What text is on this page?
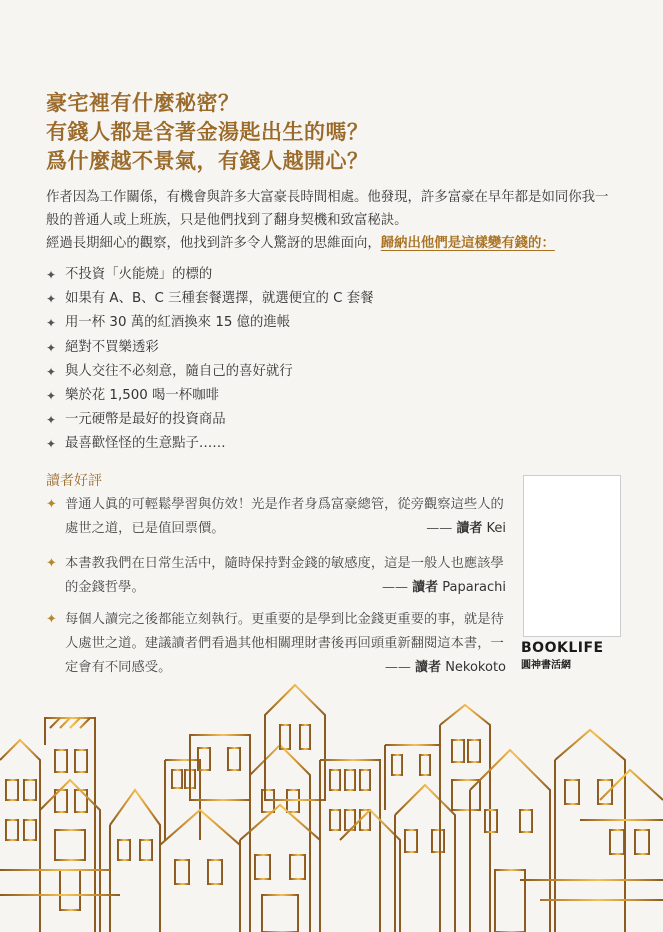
豪宅裡有什麼秘密？
有錢人都是含著金湯匙出生的嗎？
爲什麼越不景氣，有錢人越開心？

作者因為工作關係，有機會與許多大富豪長時間相處。他發現，許多富豪在早年都是如同你我一般的普通人或上班族，只是他們找到了翻身契機和致富秘訣。

經過長期細心的觀察，他找到許多令人驚訝的思維面向，歸納出他們是這樣變有錢的：

✦ 不投資「火能燒」的標的
✦ 如果有 A、B、C 三種套餐選擇，就選便宜的 C 套餐
✦ 用一杯 30 萬的紅酒換來 15 億的進帳
✦ 絕對不買樂透彩
✦ 與人交往不必刻意，隨自己的喜好就行
✦ 樂於花 1,500 喝一杯咖啡
✦ 一元硬幣是最好的投資商品
✦ 最喜歡怪怪的生意點子……
讀者好評
✦ 普通人眞的可輕鬆學習與仿效！光是作者身爲富豪總管，從旁觀察這些人的處世之道，已是值回票價。	—— 讀者 Kei
✦ 本書教我們在日常生活中，隨時保持對金錢的敏感度，這是一般人也應該學的金錢哲學。	—— 讀者 Paparachi
✦ 每個人讀完之後都能立刻執行。更重要的是學到比金錢更重要的事，就是待人處世之道。建議讀者們看過其他相關理財書後再回頭重新翻閱這本書，一定會有不同感受。	—— 讀者 Nekokoto
BOOKLIFE
圓神書活網
